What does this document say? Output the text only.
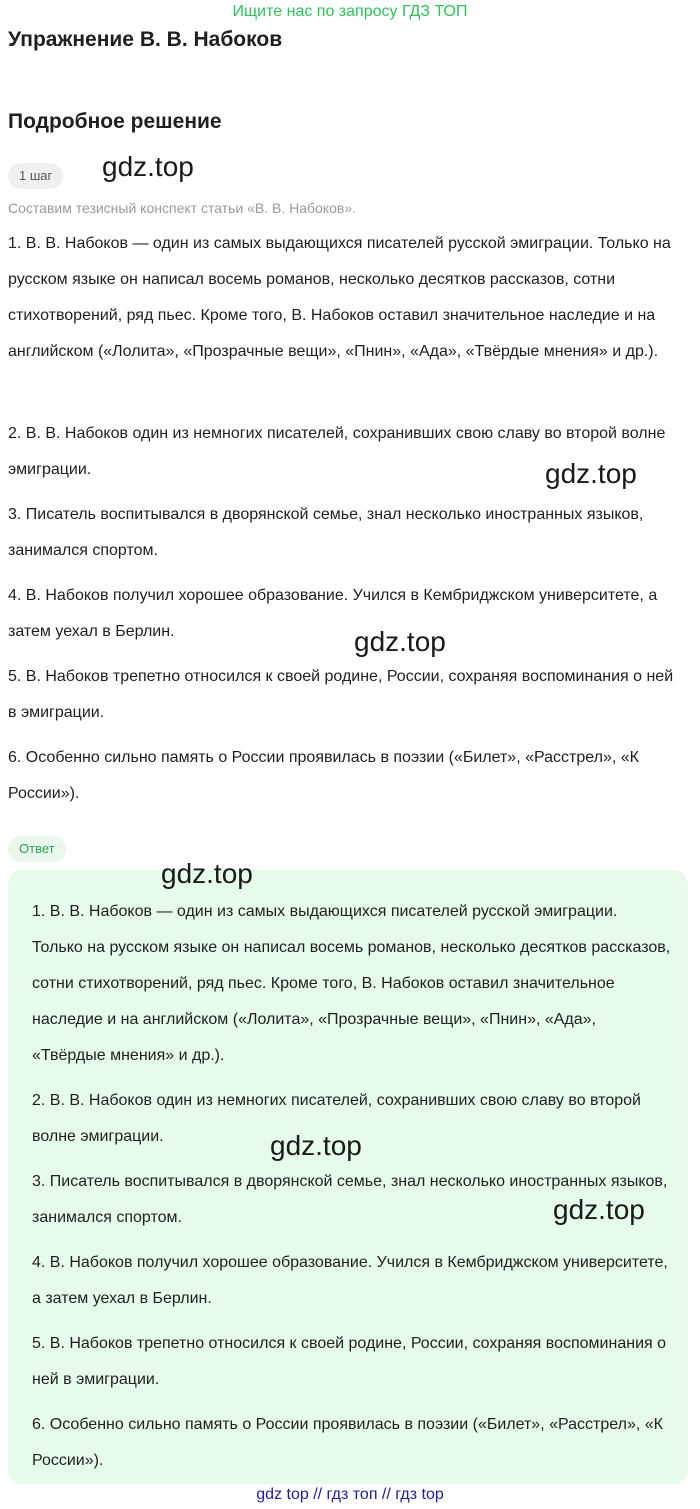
Ищите нас по запросу ГДЗ ТОП
Упражнение В. В. Набоков
Подробное решение
1 шаг
Составим тезисный конспект статьи «В. В. Набоков».
1. В. В. Набоков — один из самых выдающихся писателей русской эмиграции. Только на русском языке он написал восемь романов, несколько десятков рассказов, сотни стихотворений, ряд пьес. Кроме того, В. Набоков оставил значительное наследие и на английском («Лолита», «Прозрачные вещи», «Пнин», «Ада», «Твёрдые мнения» и др.).
2. В. В. Набоков один из немногих писателей, сохранивших свою славу во второй волне эмиграции.
3. Писатель воспитывался в дворянской семье, знал несколько иностранных языков, занимался спортом.
4. В. Набоков получил хорошее образование. Учился в Кембриджском университете, а затем уехал в Берлин.
5. В. Набоков трепетно относился к своей родине, России, сохраняя воспоминания о ней в эмиграции.
6. Особенно сильно память о России проявилась в поэзии («Билет», «Расстрел», «К России»).
Ответ
1. В. В. Набоков — один из самых выдающихся писателей русской эмиграции. Только на русском языке он написал восемь романов, несколько десятков рассказов, сотни стихотворений, ряд пьес. Кроме того, В. Набоков оставил значительное наследие и на английском («Лолита», «Прозрачные вещи», «Пнин», «Ада», «Твёрдые мнения» и др.).
2. В. В. Набоков один из немногих писателей, сохранивших свою славу во второй волне эмиграции.
3. Писатель воспитывался в дворянской семье, знал несколько иностранных языков, занимался спортом.
4. В. Набоков получил хорошее образование. Учился в Кембриджском университете, а затем уехал в Берлин.
5. В. Набоков трепетно относился к своей родине, России, сохраняя воспоминания о ней в эмиграции.
6. Особенно сильно память о России проявилась в поэзии («Билет», «Расстрел», «К России»).
gdz.top
gdz.top
gdz.top
gdz.top
gdz.top
gdz.top
gdz top // гдз топ // гдз top
